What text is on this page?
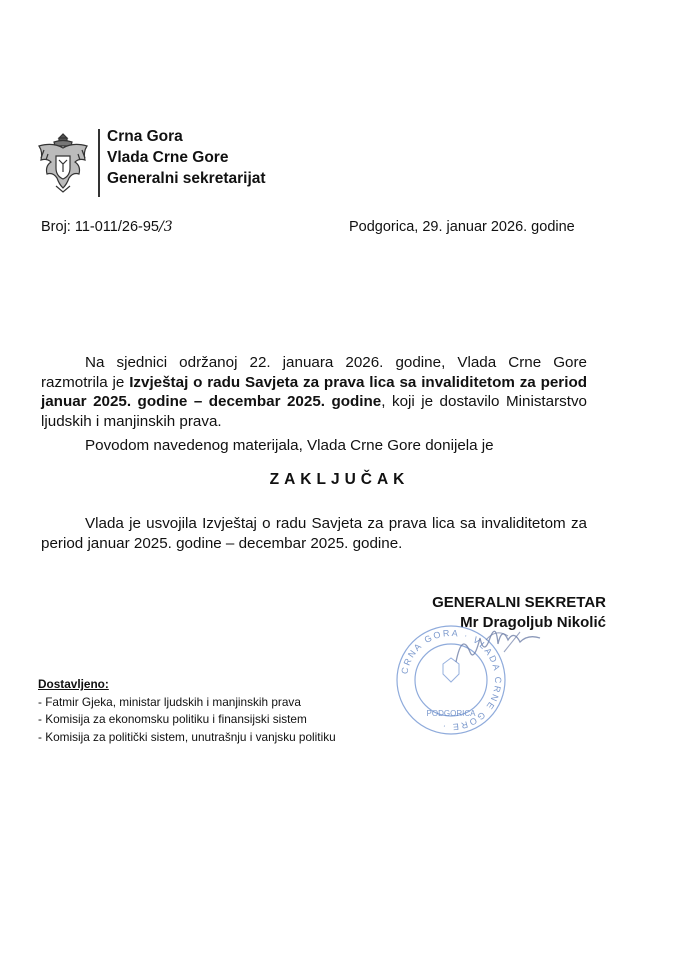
Crna Gora
Vlada Crne Gore
Generalni sekretarijat
Broj: 11-011/26-95/3	Podgorica, 29. januar 2026. godine
Na sjednici održanoj 22. januara 2026. godine, Vlada Crne Gore razmotrila je Izvještaj o radu Savjeta za prava lica sa invaliditetom za period januar 2025. godine – decembar 2025. godine, koji je dostavilo Ministarstvo ljudskih i manjinskih prava.
Povodom navedenog materijala, Vlada Crne Gore donijela je
ZAKLJUČAK
Vlada je usvojila Izvještaj o radu Savjeta za prava lica sa invaliditetom za period januar 2025. godine – decembar 2025. godine.
GENERALNI SEKRETAR
Mr Dragoljub Nikolić
CRNA GORA · VLADA CRNE GORE ·
PODGORICA
Dostavljeno:
- Fatmir Gjeka, ministar ljudskih i manjinskih prava
- Komisija za ekonomsku politiku i finansijski sistem
- Komisija za politički sistem, unutrašnju i vanjsku politiku
